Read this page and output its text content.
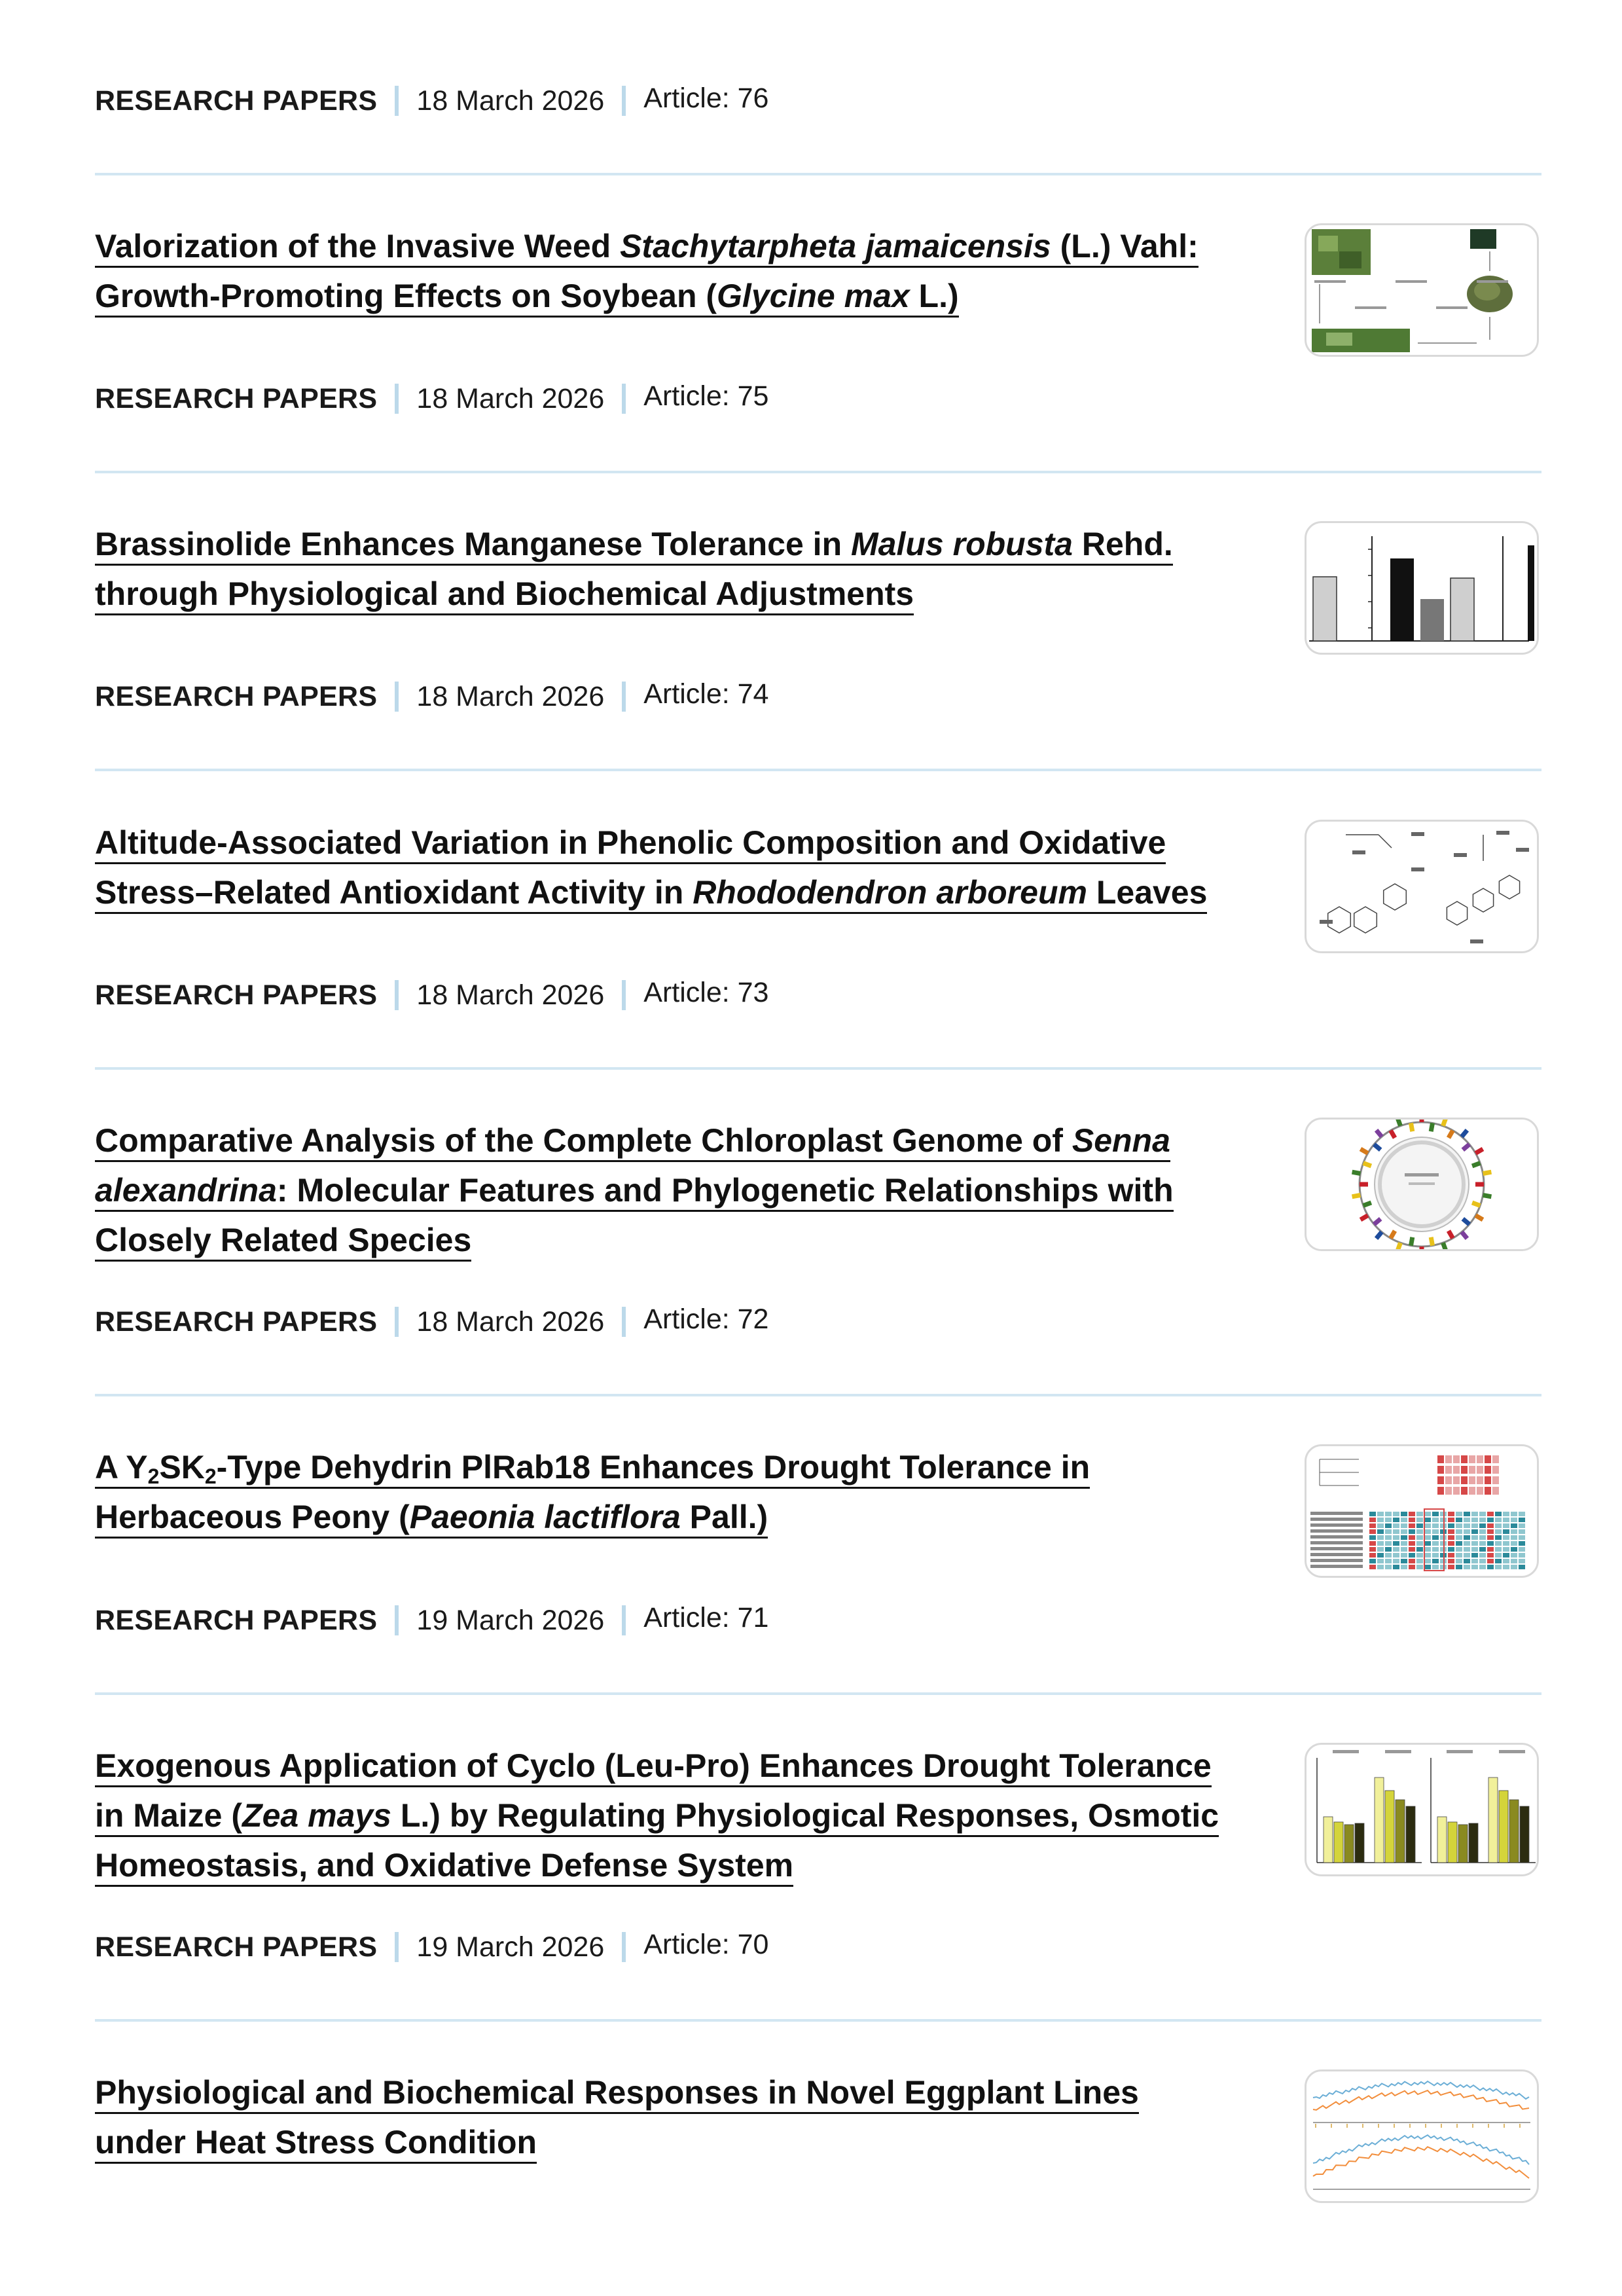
RESEARCH PAPERS 18 March 2026 Article: 76
Valorization of the Invasive Weed Stachytarpheta jamaicensis (L.) Vahl:
Growth-Promoting Effects on Soybean (Glycine max L.)
RESEARCH PAPERS 18 March 2026 Article: 75
Brassinolide Enhances Manganese Tolerance in Malus robusta Rehd.
through Physiological and Biochemical Adjustments
RESEARCH PAPERS 18 March 2026 Article: 74
Altitude-Associated Variation in Phenolic Composition and Oxidative
Stress–Related Antioxidant Activity in Rhododendron arboreum Leaves
RESEARCH PAPERS 18 March 2026 Article: 73
Comparative Analysis of the Complete Chloroplast Genome of Senna
alexandrina: Molecular Features and Phylogenetic Relationships with
Closely Related Species
RESEARCH PAPERS 18 March 2026 Article: 72
A $Y_2SK_2$-Type Dehydrin PlRab18 Enhances Drought Tolerance in
Herbaceous Peony (Paeonia lactiflora Pall.)
RESEARCH PAPERS 19 March 2026 Article: 71
Exogenous Application of Cyclo (Leu-Pro) Enhances Drought Tolerance
in Maize (Zea mays L.) by Regulating Physiological Responses, Osmotic
Homeostasis, and Oxidative Defense System
RESEARCH PAPERS 19 March 2026 Article: 70
Physiological and Biochemical Responses in Novel Eggplant Lines
under Heat Stress Condition
